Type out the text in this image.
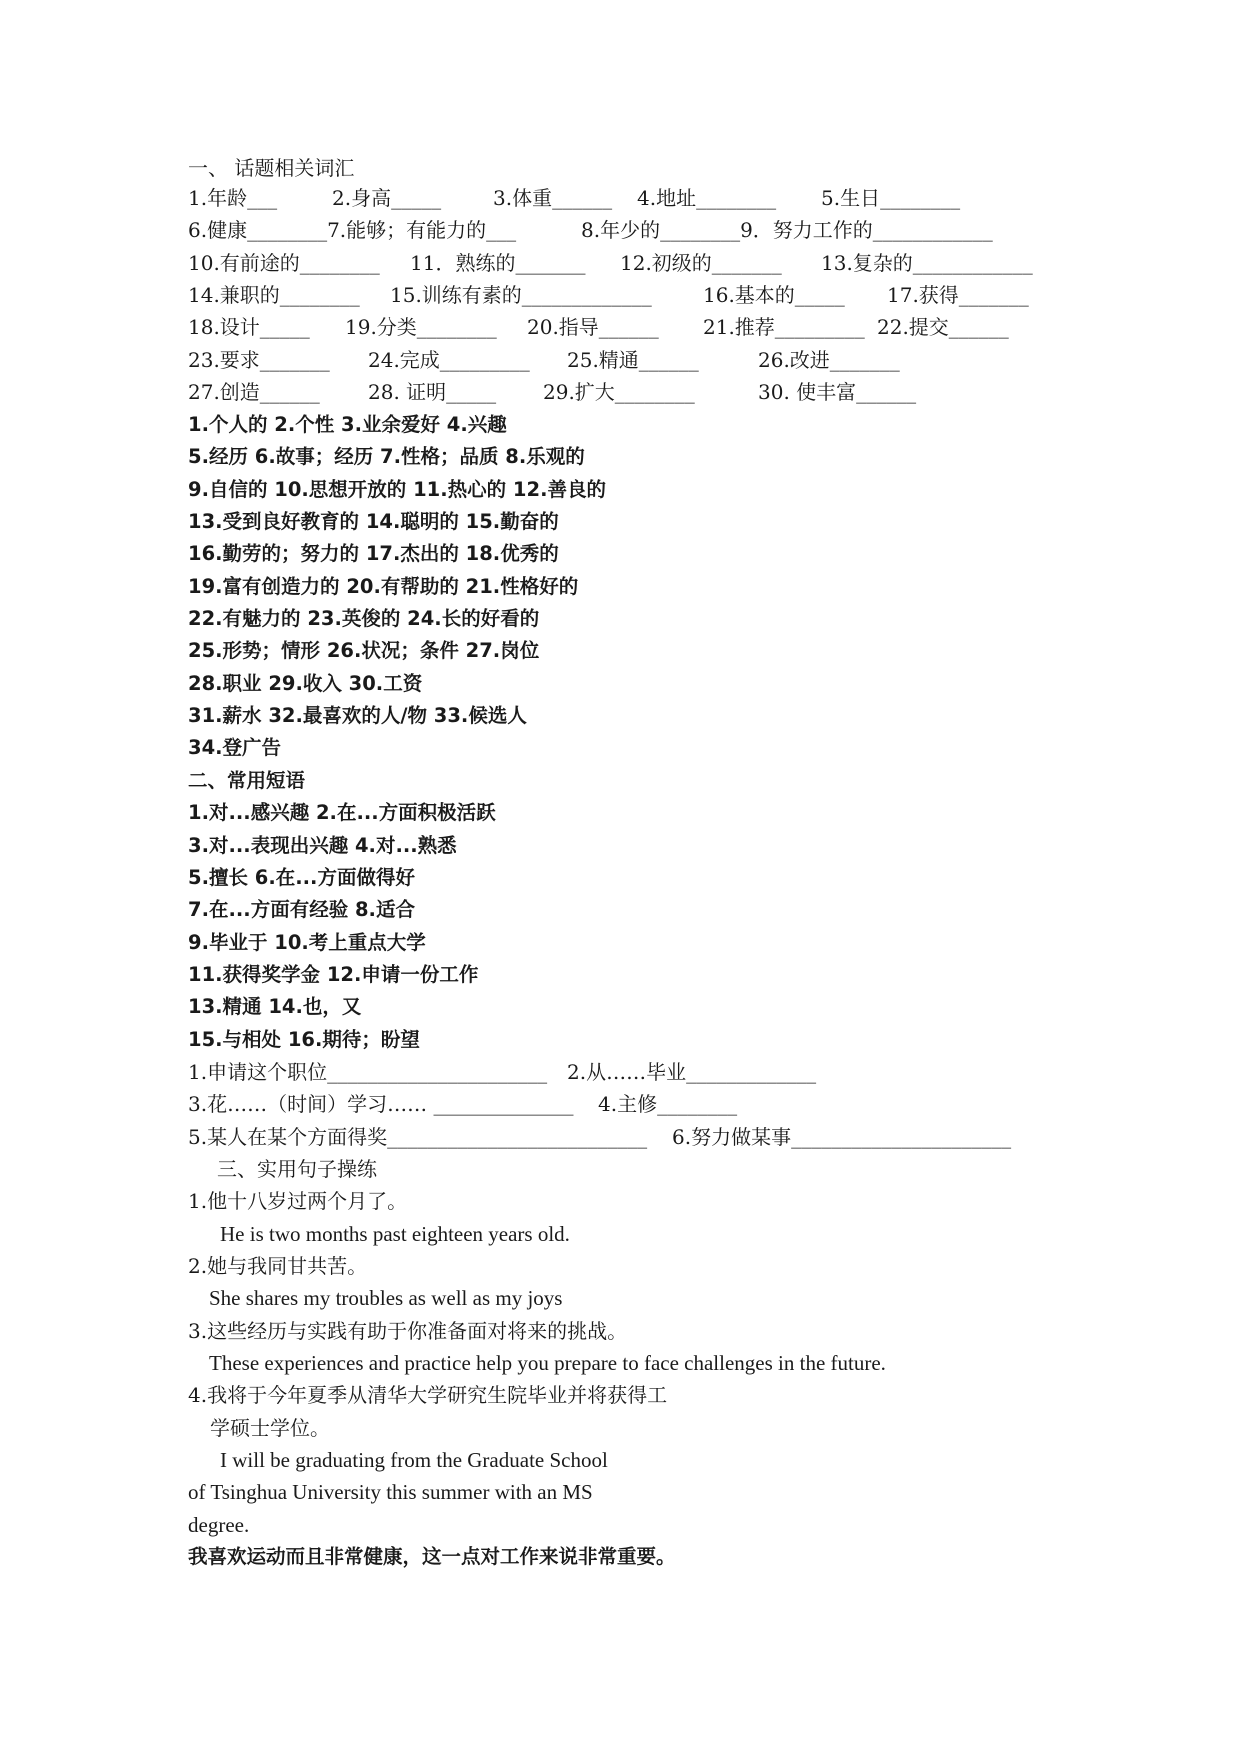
一、 话题相关词汇
1.年龄___	2.身高_____	3.体重______ 4.地址________ 5.生日________
6.健康________7.能够；有能力的___	8.年少的________9．努力工作的____________
10.有前途的________ 11．熟练的_______ 12.初级的_______ 13.复杂的____________
14.兼职的________ 15.训练有素的_____________	16.基本的_____ 17.获得_______
18.设计_____ 19.分类________ 20.指导______ 21.推荐_________ 22.提交______
23.要求_______ 24.完成_________ 25.精通______	26.改进_______
27.创造______ 28. 证明_____ 29.扩大________	30. 使丰富______
1.个人的 2.个性 3.业余爱好 4.兴趣
5.经历 6.故事；经历 7.性格；品质 8.乐观的
9.自信的 10.思想开放的 11.热心的 12.善良的
13.受到良好教育的 14.聪明的 15.勤奋的
16.勤劳的；努力的 17.杰出的 18.优秀的
19.富有创造力的 20.有帮助的 21.性格好的
22.有魅力的 23.英俊的 24.长的好看的
25.形势；情形 26.状况；条件 27.岗位
28.职业 29.收入 30.工资
31.薪水 32.最喜欢的人/物 33.候选人
34.登广告
二、常用短语
1.对...感兴趣 2.在...方面积极活跃
3.对...表现出兴趣 4.对...熟悉
5.擅长 6.在...方面做得好
7.在...方面有经验 8.适合
9.毕业于 10.考上重点大学
11.获得奖学金 12.申请一份工作
13.精通 14.也，又
15.与相处 16.期待；盼望
1.申请这个职位______________________ 2.从……毕业_____________
3.花……（时间）学习…… ______________ 4.主修________
5.某人在某个方面得奖__________________________ 6.努力做某事______________________
三、实用句子操练
1.他十八岁过两个月了。
He is two months past eighteen years old.
2.她与我同甘共苦。
She shares my troubles as well as my joys
3.这些经历与实践有助于你准备面对将来的挑战。
These experiences and practice help you prepare to face challenges in the future.
4.我将于今年夏季从清华大学研究生院毕业并将获得工
学硕士学位。
I will be graduating from the Graduate School
of Tsinghua University this summer with an MS
degree.
我喜欢运动而且非常健康，这一点对工作来说非常重要。
